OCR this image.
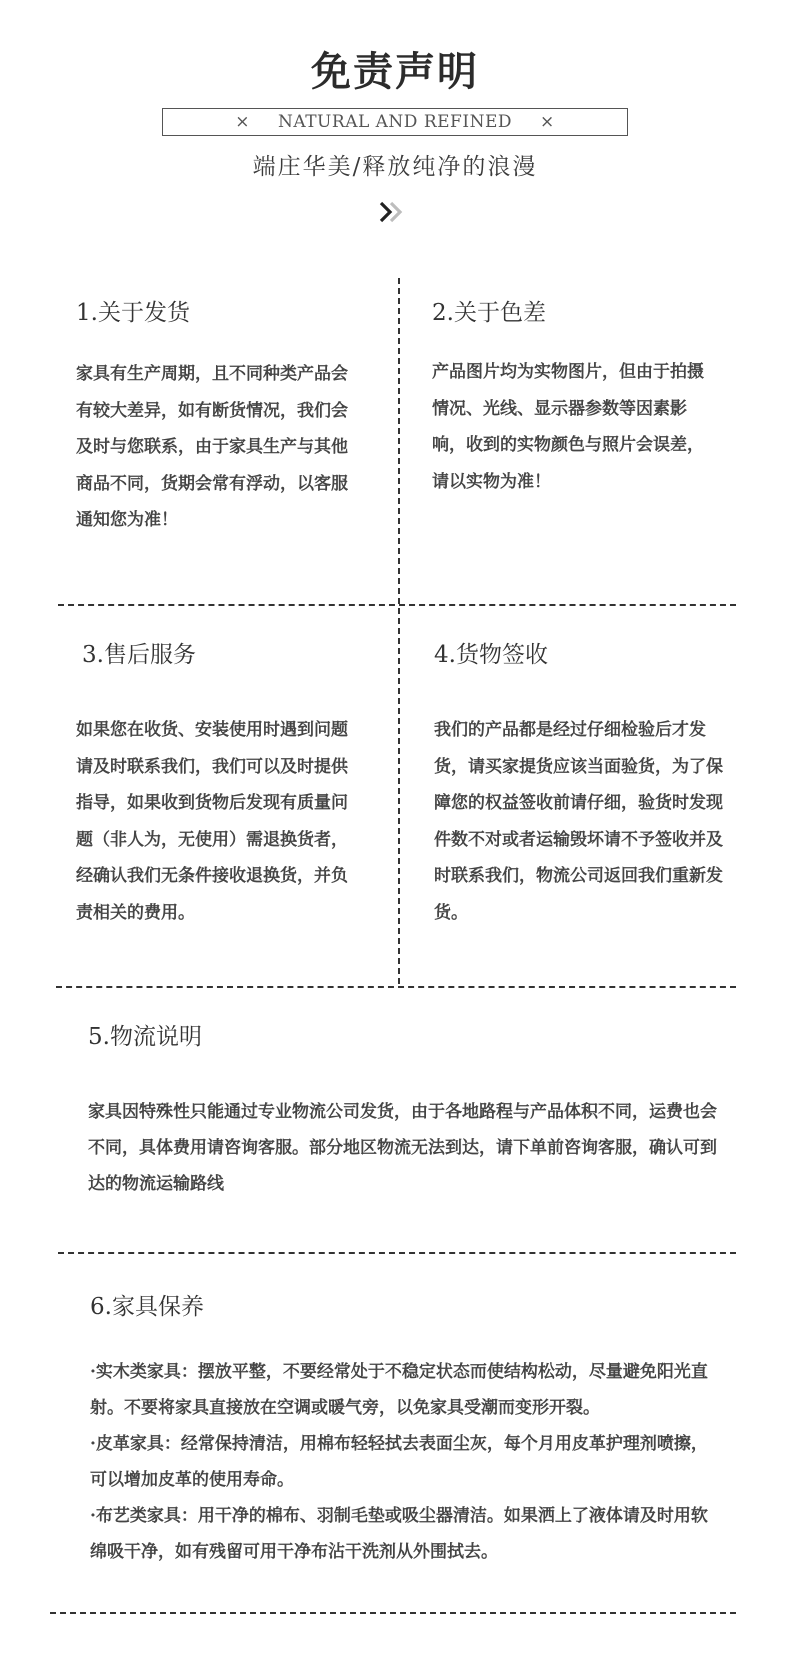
免责声明
× NATURAL AND REFINED ×
端庄华美/释放纯净的浪漫
1.关于发货
家具有生产周期，且不同种类产品会有较大差异，如有断货情况，我们会及时与您联系，由于家具生产与其他商品不同，货期会常有浮动，以客服通知您为准！
2.关于色差
产品图片均为实物图片，但由于拍摄情况、光线、显示器参数等因素影响，收到的实物颜色与照片会误差，请以实物为准！
3.售后服务
如果您在收货、安装使用时遇到问题请及时联系我们，我们可以及时提供指导，如果收到货物后发现有质量问题（非人为，无使用）需退换货者，经确认我们无条件接收退换货，并负责相关的费用。
4.货物签收
我们的产品都是经过仔细检验后才发货，请买家提货应该当面验货，为了保障您的权益签收前请仔细，验货时发现件数不对或者运输毁坏请不予签收并及时联系我们，物流公司返回我们重新发货。
5.物流说明
家具因特殊性只能通过专业物流公司发货，由于各地路程与产品体积不同，运费也会不同，具体费用请咨询客服。部分地区物流无法到达，请下单前咨询客服，确认可到达的物流运输路线
6.家具保养

·实木类家具：摆放平整，不要经常处于不稳定状态而使结构松动，尽量避免阳光直射。不要将家具直接放在空调或暖气旁，以免家具受潮而变形开裂。

·皮革家具：经常保持清洁，用棉布轻轻拭去表面尘灰，每个月用皮革护理剂喷擦，可以增加皮革的使用寿命。

·布艺类家具：用干净的棉布、羽制毛垫或吸尘器清洁。如果洒上了液体请及时用软绵吸干净，如有残留可用干净布沾干洗剂从外围拭去。
